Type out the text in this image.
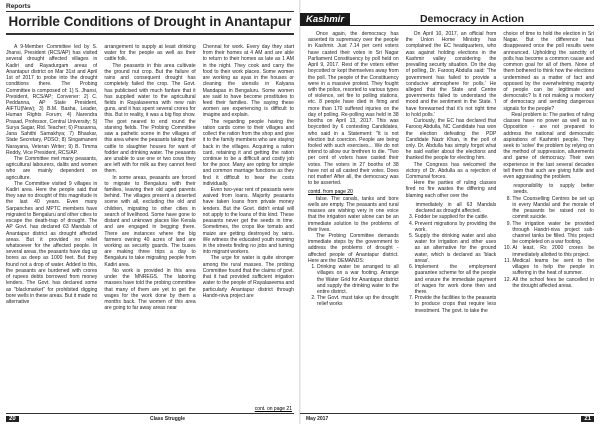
Reports
Horrible Conditions of Drought in Anantapur

A 9-Member Committee led by S. Jhansi, President (RCS/AP) has visited several drought affected villages in Kadiri and Rayadurgam areas of Anantapur district on Mar 31st and April 1st of 2017 to probe into the drought conditions there. The Probing Committee is composed of: 1) S. Jhansi, President, RCS/AP; Convener: 2) C. Peddanna, AP State President, AIFTU(New); 3) B.M. Basha, Leader, Human Rights Forum; 4) Narendra Prasad, Professor, Central University; 5) Surya Sagar, Rtd. Teacher; 6) Prasanna, Jana Sahithi Samakhya; 7) Bhaskar, State Secretary, PDSO; 8) Singamaneni Narayana, Veteran Writer; 9) B. Timma Reddy, Vice President, RCS/AP.

The Committee met many peasants, agricultural labourers, dalits and women who are mainly dependent on agriculture.

The Committee visited 9 villages in Kadiri area. Here the people said that they saw no drought of this magnitude in the last 40 years. Even many Sarpanches and MPTC members have migrated to Bengaluru and other cities to escape the death-trap of drought. The AP Govt. has declared 63 Mandals of Anantapur district as drought affected areas. But it provided no relief whatsoever for the affected people. In several areas, the peasants have dug up bores as deep as 1000 feet. But they found not a drop of water. Added to this, the peasants are burdened with crores of rupees debts borrowed from money lenders. The Govt. has declared some as "blackmarket" for prohibited digging bore wells in these areas. But it made no alternative

arrangement to supply at least drinking water for the people as well as their cattle folk.

The peasants in this area cultivate the ground nut crop. But the failure of rains and consequent drought has completely failed the crop. The Govt. has publicised with much fanfare that it has supplied water to the agricultural fields in Rayalaseema with new rain guns, and it has spent several crores for this. But in reality, it was a big flop show. The govt neared to end round the starving fields. The Probing Committee saw a pathetic scene in the villages of this area where the peasants taking their cattle to slaughter houses for want of fodder and drinking water. The peasants are unable to use one or two cows they are left with for milk as they cannot feed them.

In some areas, peasants are forced to migrate to Bengaluru with their families, leaving their old aged parents behind. The villages present a deserted scene with all, excluding the old and children, migrating to other cities in search of livelihood. Some have gone to distant and unknown places like Kerala and are engaged in begging there. There are instances where the big farmers owning 40 acres of land are working as security guards. The buses are making three trips a day to Bengaluru to take migrating people from Kadiri area.

No work is provided in this area under the MNREGS. The laboring masses have told the probing committee that many of them are yet to get the wages for the work done by them a months back. The women of this area are going to far away areas near

Chennai for work. Every day they start from their homes at 4 AM and are able to return to their homes as late as 1 AM in the night. They cook and carry the food to their work places. Some women are working as ayas in the houses or cleaning the utensils in Kalyana Mandapas in Bengaluru. Some women are said to have become prostitutes to feed their families. The saying these women are experiencing is difficult to imagine and explain.

The regarding people having the ration cards come to their villages and collect the ration from the shop and give it to the family members who are staying back in the villages. Acquiring a ration card, retaining it and getting the ration continue to be a difficult and costly job for the poor. Many are opting for simple and common marriage functions as they find it difficult to bear the costs individually.

Even two-year rent of peasants were waived from loans. Majority peasants have taken loans from private money lenders. But the Govt. didn't entail will not apply to the loans of this kind. These peasants never get the seeds in time. Sometimes, the crops like tomato and maize are getting destroyed by rains. We witness the educated youth roaming in the streets finding no jobs and turning into migrant workers.

The urge for water is quite stronger among the rural masses. The probing Committee found that the claims of govt. that it had provided sufficient irrigation water to the people of Rayalaseema and particularly Anantapur district through Handri-niva project are

cont. on page 21
20	Class Struggle
Kashmir	Democracy in Action

Once again, the democracy has asserted its supremacy over the people in Kashmir. Just 7.14 per cent voters have casted their votes in Sri Nagar Parliament Constituency by poll held on April 9, 2017. Rest of the voters either boycotted or kept themselves away from the poll. The people of the Constituency were in a massive protest. They fought with the police, resorted to various types of violence, set fire to polling stations, etc. 8 people have died in firing and more than 170 suffered injuries on the day of polling. Re-polling was held in 38 booths on April 13, 2017. This was boycotted by 6 contesting Candidates, who said in a Statement: "It is not election but coercion. People are being fooled with such exercises... We do not intend to allow our brethren to die. "Two per cent of voters have casted their votes. The voters in 27 booths of 38 have not at all casted their votes. Does not matter! After all, the democracy was to be asserted.

contd. from page 20

false. The canals, tanks and bore wells are empty. The peasants and rural masses are wishing very in one voice that the irrigation water alone can be an immediate solution to the problems of their lives.

The Probing Committee demands immediate steps by the government to address the problems of drought - affected people of Anantapur district. Here are the DEMANDS:

1. Drinking water be arranged to all villages on a war footing. Arrange the Water Grid for Anantapur district and supply the drinking water to the entire district.
2. The Govt. must take up the drought relief works

On April 10, 2017, an official from the Union Home Ministry has complained the EC headquarters, who was against holding elections in the Kashmir valley considering the prevailing security situation. On the day of polling, Dr. Farooq Abdulla said: 'The government has failed to provide a conducive atmosphere for polls.' He alleged that the State and Centre governments failed to understand the mood and the sentiment in the State. 'I have forewarned that it's not right time to hold polls.'

Curiously, the EC has declared that Farooq Abdulla, NC Candidate has won the election defeating the PDP Candidate Nazir Khan, in the poll of only. Dr. Abdulla has simply forgot what he said earlier about the elections and thanked the people for electing him.

The Congress has welcomed the victory of Dr. Abdulla as a rejection of Communal forces.

Here the parties of ruling classes fired no fire wastes the differing and blaming each other over the

immediately in all 63 Mandals declared as drought affected.

3. Fodder be supplied for the cattle.
4. Prevent migrations by providing the work.
5. Supply the drinking water and also water for irrigation and other uses as an alternative for the ground water, which is declared as 'black areas'.
6. Implement the employment guarantee scheme for all the people and ensure the immediate payment of wages for work done then and there.
7. Provide the facilities to the peasants to produce crops that require less investment. The govt. to take the

choice of time to hold the election in Sri Nagar. But the difference has disappeared once the poll results were announced. Upholding the sanctity of polls has become a common cause and common goal for all of them. None of them bothered to think how the elections undermined as a matter of fact and opposed by the overwhelming majority of people can be legitimate and democratic? Is it not making a mockery of democracy and sending dangerous signals for the people?

Real problem is: The parties of ruling classes have no power as well as in Opposition - are not prepared to address the national and democratic aspirations of Kashmiri people. They seek to 'solve' the problem by relying on the method of suppression, allurements and game of democracy. Their own experience in the last several decades tell them that such are giving futile and even aggravating the problem.

responsibility to supply better seeds.

8. The Counselling Centres be set up in every Mandal and the morale of the peasants be raised not to commit suicide.
9. The irrigation water be provided through Handri-niva project sub-channel tanks be filled. This project be completed on a war footing.
10. At least, Rs 2000 crores be immediately allotted to this project.
11. Medical teams be sent to the villages to help the people in suffering in the heat of summer.
12. All the school fees be cancelled in the drought affected areas.
May 2017	21
